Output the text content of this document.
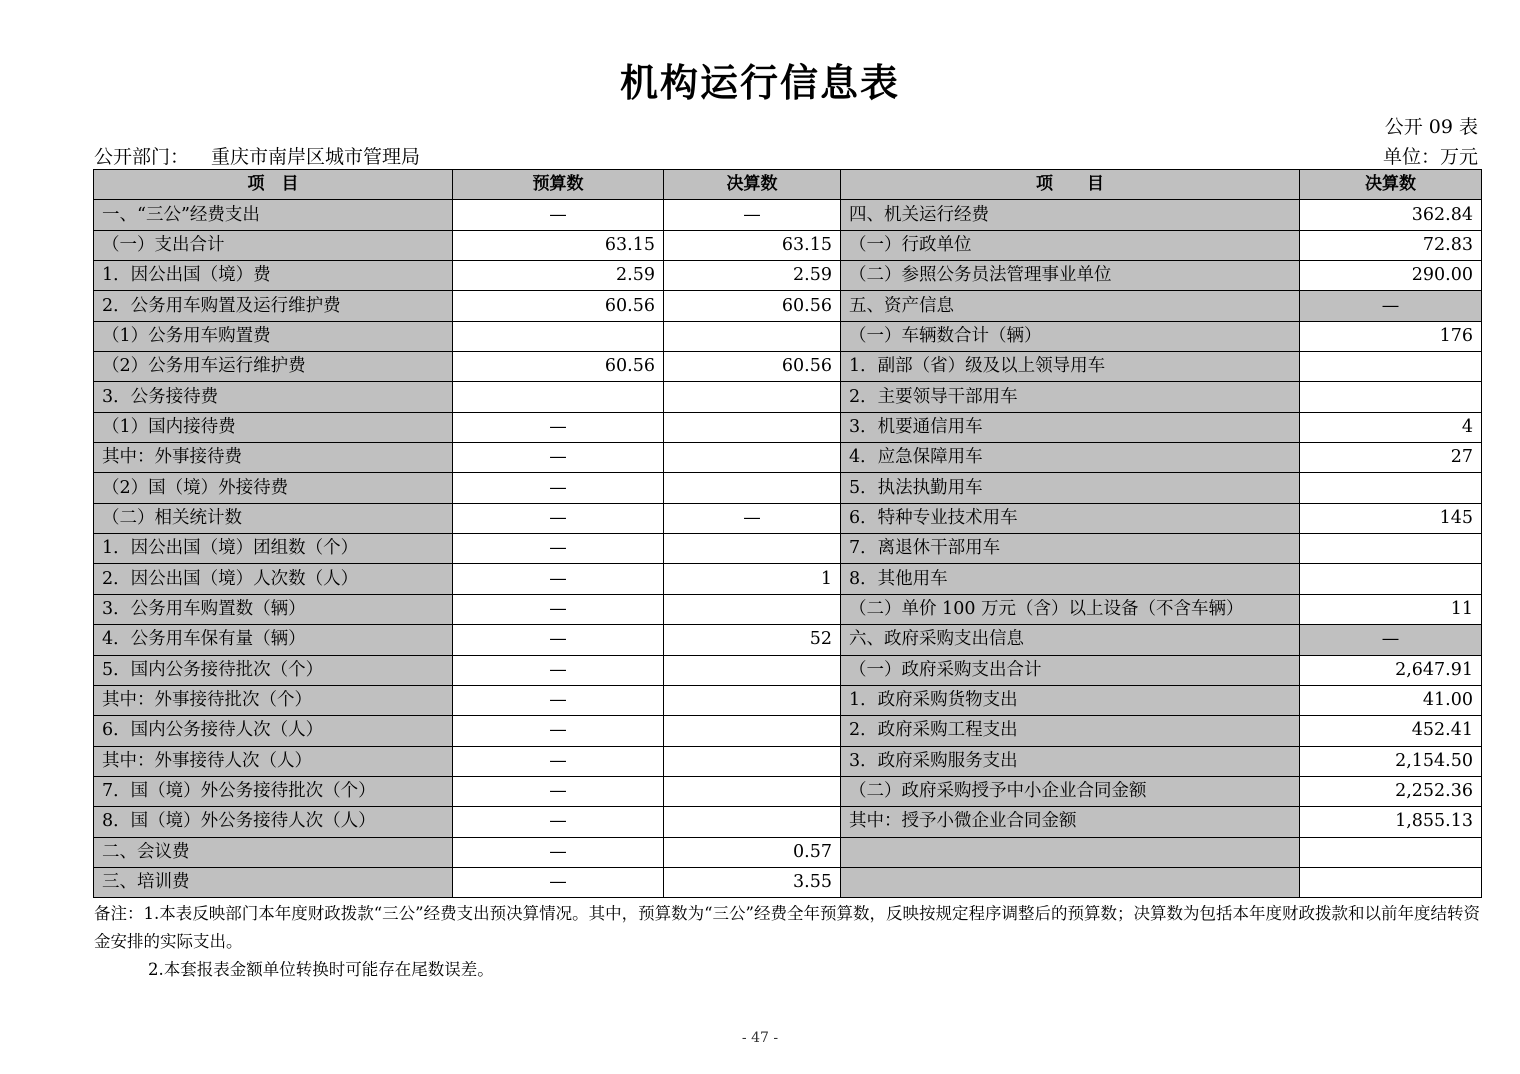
机构运行信息表
公开 09 表
公开部门： 重庆市南岸区城市管理局	单位：万元
项　目	预算数	决算数	项　　目	决算数
一、“三公”经费支出	—	—	四、机关运行经费	362.84
（一）支出合计	63.15	63.15	（一）行政单位	72.83
1．因公出国（境）费	2.59	2.59	（二）参照公务员法管理事业单位	290.00
2．公务用车购置及运行维护费	60.56	60.56	五、资产信息	—
（1）公务用车购置费			（一）车辆数合计（辆）	176
（2）公务用车运行维护费	60.56	60.56	1．副部（省）级及以上领导用车	
3．公务接待费			2．主要领导干部用车	
（1）国内接待费	—		3．机要通信用车	4
其中：外事接待费	—		4．应急保障用车	27
（2）国（境）外接待费	—		5．执法执勤用车	
（二）相关统计数	—	—	6．特种专业技术用车	145
1．因公出国（境）团组数（个）	—		7．离退休干部用车	
2．因公出国（境）人次数（人）	—	1	8．其他用车	
3．公务用车购置数（辆）	—		（二）单价 100 万元（含）以上设备（不含车辆）	11
4．公务用车保有量（辆）	—	52	六、政府采购支出信息	—
5．国内公务接待批次（个）	—		（一）政府采购支出合计	2,647.91
其中：外事接待批次（个）	—		1．政府采购货物支出	41.00
6．国内公务接待人次（人）	—		2．政府采购工程支出	452.41
其中：外事接待人次（人）	—		3．政府采购服务支出	2,154.50
7．国（境）外公务接待批次（个）	—		（二）政府采购授予中小企业合同金额	2,252.36
8．国（境）外公务接待人次（人）	—		其中：授予小微企业合同金额	1,855.13
二、会议费	—	0.57		
三、培训费	—	3.55		
备注：1.本表反映部门本年度财政拨款“三公”经费支出预决算情况。其中，预算数为“三公”经费全年预算数，反映按规定程序调整后的预算数；决算数为包括本年度财政拨款和以前年度结转资金安排的实际支出。
2.本套报表金额单位转换时可能存在尾数误差。
- 47 -
